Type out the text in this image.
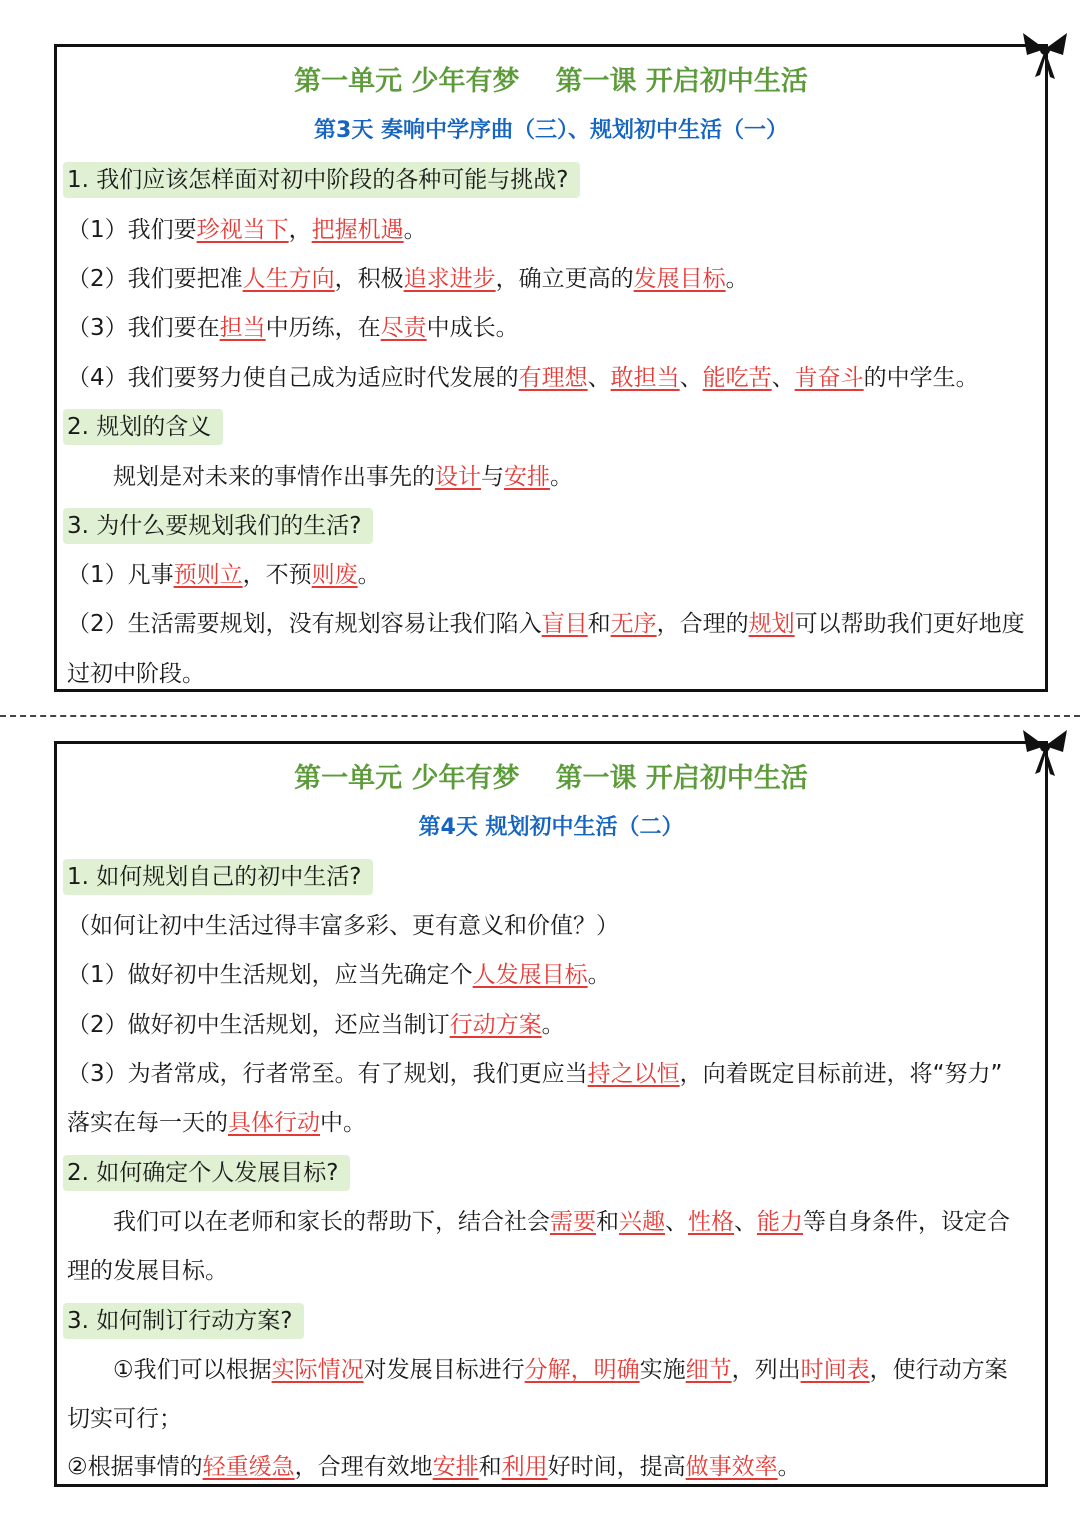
第一单元 少年有梦 第一课 开启初中生活
第3天 奏响中学序曲（三）、规划初中生活（一）
1. 我们应该怎样面对初中阶段的各种可能与挑战?
（1）我们要珍视当下，把握机遇。
（2）我们要把准人生方向，积极追求进步，确立更高的发展目标。
（3）我们要在担当中历练，在尽责中成长。
（4）我们要努力使自己成为适应时代发展的有理想、敢担当、能吃苦、肯奋斗的中学生。
2. 规划的含义
规划是对未来的事情作出事先的设计与安排。
3. 为什么要规划我们的生活?
（1）凡事预则立，不预则废。
（2）生活需要规划，没有规划容易让我们陷入盲目和无序，合理的规划可以帮助我们更好地度
过初中阶段。
第一单元 少年有梦 第一课 开启初中生活
第4天 规划初中生活（二）
1. 如何规划自己的初中生活?
（如何让初中生活过得丰富多彩、更有意义和价值？）
（1）做好初中生活规划，应当先确定个人发展目标。
（2）做好初中生活规划，还应当制订行动方案。
（3）为者常成，行者常至。有了规划，我们更应当持之以恒，向着既定目标前进，将“努力”
落实在每一天的具体行动中。
2. 如何确定个人发展目标?
我们可以在老师和家长的帮助下，结合社会需要和兴趣、性格、能力等自身条件，设定合
理的发展目标。
3. 如何制订行动方案?
①我们可以根据实际情况对发展目标进行分解，明确实施细节，列出时间表，使行动方案
切实可行；
②根据事情的轻重缓急，合理有效地安排和利用好时间，提高做事效率。
